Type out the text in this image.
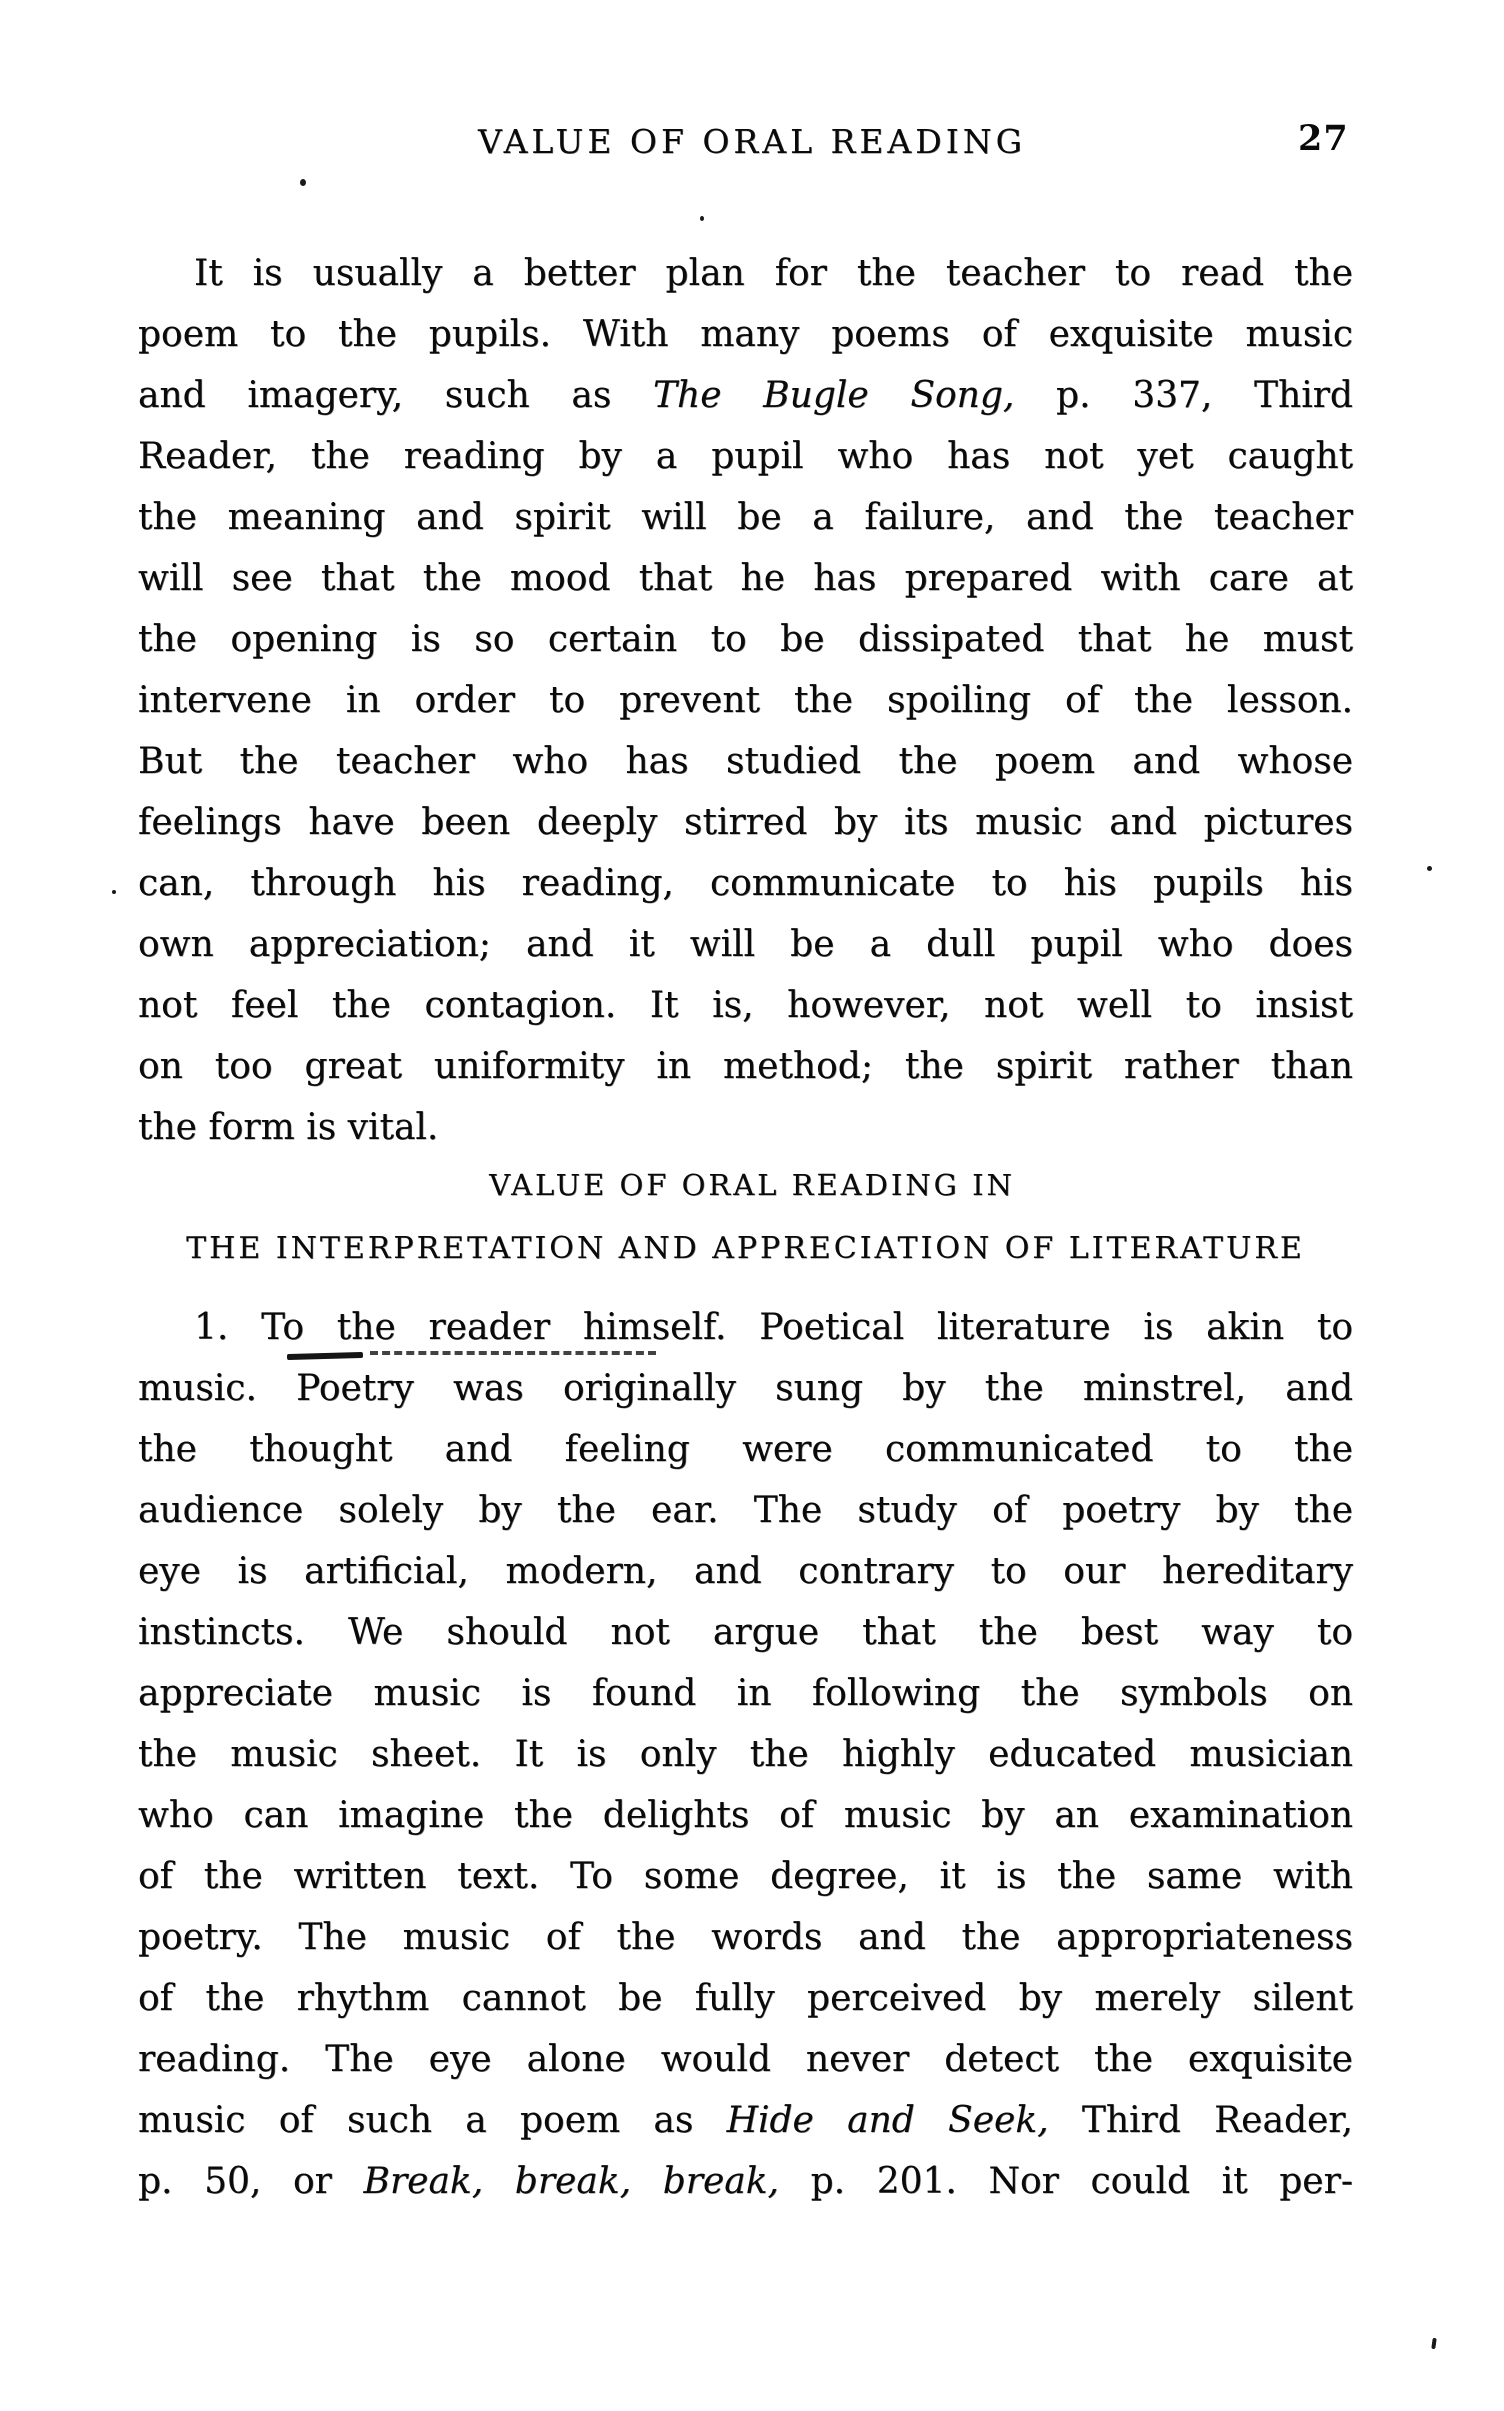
VALUE OF ORAL READING	27
It is usually a better plan for the teacher to read the
poem to the pupils. With many poems of exquisite music
and imagery, such as The Bugle Song, p. 337, Third
Reader, the reading by a pupil who has not yet caught
the meaning and spirit will be a failure, and the teacher
will see that the mood that he has prepared with care at
the opening is so certain to be dissipated that he must
intervene in order to prevent the spoiling of the lesson.
But the teacher who has studied the poem and whose
feelings have been deeply stirred by its music and pictures
can, through his reading, communicate to his pupils his
own appreciation; and it will be a dull pupil who does
not feel the contagion. It is, however, not well to insist
on too great uniformity in method; the spirit rather than
the form is vital.
VALUE OF ORAL READING IN
THE INTERPRETATION AND APPRECIATION OF LITERATURE
1. To the reader himself. Poetical literature is akin to
music. Poetry was originally sung by the minstrel, and
the thought and feeling were communicated to the
audience solely by the ear. The study of poetry by the
eye is artificial, modern, and contrary to our hereditary
instincts. We should not argue that the best way to
appreciate music is found in following the symbols on
the music sheet. It is only the highly educated musician
who can imagine the delights of music by an examination
of the written text. To some degree, it is the same with
poetry. The music of the words and the appropriateness
of the rhythm cannot be fully perceived by merely silent
reading. The eye alone would never detect the exquisite
music of such a poem as Hide and Seek, Third Reader,
p. 50, or Break, break, break, p. 201. Nor could it per-
